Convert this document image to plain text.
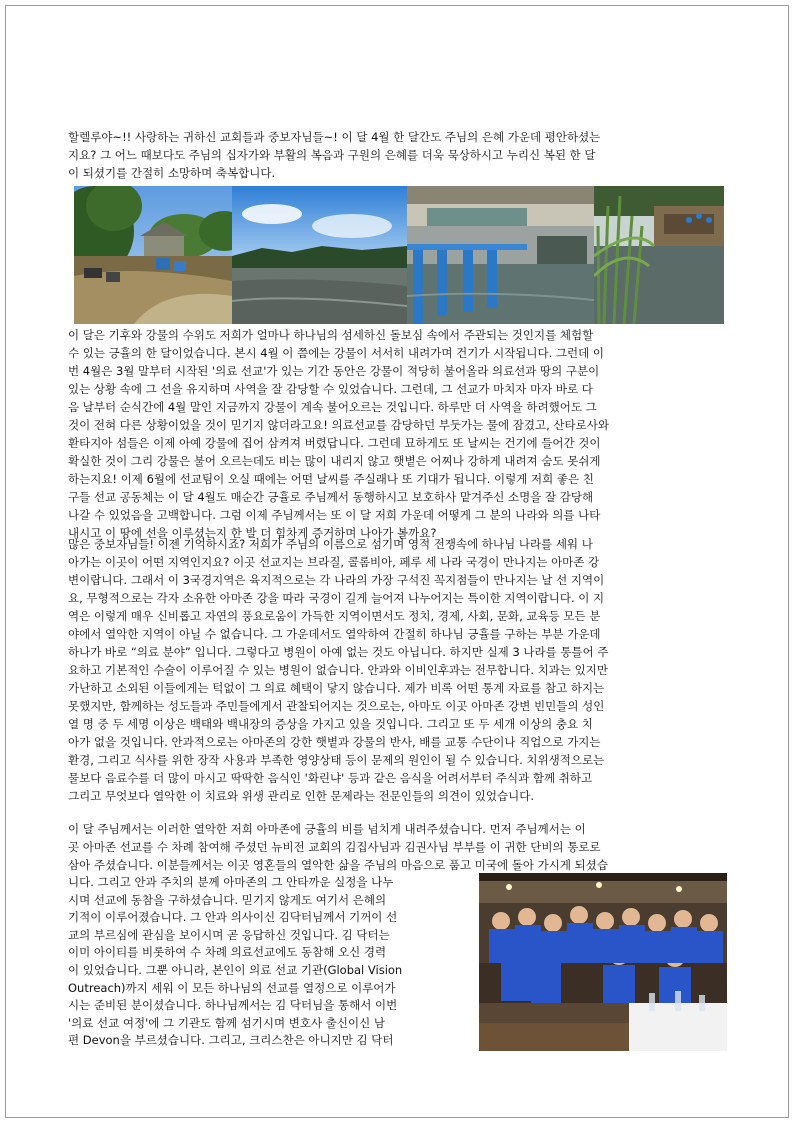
할렐루야~!! 사랑하는 귀하신 교회들과 중보자님들~! 이 달 4월 한 달간도 주님의 은혜 가운데 평안하셨는
지요? 그 어느 때보다도 주님의 십자가와 부활의 복음과 구원의 은혜를 더욱 묵상하시고 누리신 복된 한 달
이 되셨기를 간절히 소망하며 축복합니다.
이 달은 기후와 강물의 수위도 저희가 얼마나 하나님의 섬세하신 돌보심 속에서 주관되는 것인지를 체험할
수 있는 긍휼의 한 달이었습니다. 본시 4월 이 쯤에는 강물이 서서히 내려가며 건기가 시작됩니다. 그런데 이
번 4월은 3월 말부터 시작된 '의료 선교'가 있는 기간 동안은 강물이 적당히 불어올라 의료선과 땅의 구분이
있는 상황 속에 그 선을 유지하며 사역을 잘 감당할 수 있었습니다. 그런데, 그 선교가 마치자 마자 바로 다
음 날부터 순식간에 4월 말인 지금까지 강물이 계속 불어오르는 것입니다. 하루만 더 사역을 하려했어도 그
것이 전혀 다른 상황이었을 것이 믿기지 않더라고요! 의료선교를 감당하던 부둣가는 물에 잠겼고, 산타로사와
환타지아 섬들은 이제 아예 강물에 집어 삼켜져 버렸답니다. 그런데 묘하게도 또 날씨는 건기에 들어간 것이
확실한 것이 그리 강물은 불어 오르는데도 비는 많이 내리지 않고 햇볕은 어찌나 강하게 내려져 숨도 못쉬게
하는지요! 이제 6월에 선교팀이 오실 때에는 어떤 날씨를 주실래나 또 기대가 됩니다. 이렇게 저희 좋은 친
구들 선교 공동체는 이 달 4월도 매순간 긍휼로 주님께서 동행하시고 보호하사 맡겨주신 소명을 잘 감당해
나갈 수 있었음을 고백합니다. 그럼 이제 주님께서는 또 이 달 저희 가운데 어떻게 그 분의 나라와 의를 나타
내시고 이 땅에 선을 이루셨는지 한 발 더 힘차게 증거하며 나아가 볼까요?
많은 중보자님들! 이젠 기억하시죠? 저희가 주님의 이름으로 섬기며 영적 전쟁속에 하나님 나라를 세워 나
아가는 이곳이 어떤 지역인지요? 이곳 선교지는 브라질, 콜롬비아, 페루 세 나라 국경이 만나지는 아마존 강
변이랍니다. 그래서 이 3국경지역은 육지적으로는 각 나라의 가장 구석진 꼭지점들이 만나지는 날 선 지역이
요, 무형적으로는 각자 소유한 아마존 강을 따라 국경이 길게 늘어져 나누어지는 특이한 지역이랍니다. 이 지
역은 이렇게 매우 신비롭고 자연의 풍요로움이 가득한 지역이면서도 정치, 경제, 사회, 문화, 교육등 모든 분
야에서 열악한 지역이 아닐 수 없습니다. 그 가운데서도 열악하여 간절히 하나님 긍휼를 구하는 부분 가운데
하나가 바로 “의료 분야” 입니다. 그렇다고 병원이 아예 없는 것도 아닙니다. 하지만 실제 3 나라를 통틀어 주
요하고 기본적인 수술이 이루어질 수 있는 병원이 없습니다. 안과와 이비인후과는 전무합니다. 치과는 있지만
가난하고 소외된 이들에게는 턱없이 그 의료 혜택이 닿지 않습니다. 제가 비록 어떤 통계 자료를 참고 하지는
못했지만, 함께하는 성도들과 주민들에게서 관찰되어지는 것으로는, 아마도 이곳 아마존 강변 빈민들의 성인
열 명 중 두 세명 이상은 백태와 백내장의 증상을 가지고 있을 것입니다. 그리고 또 두 세개 이상의 충요 치
아가 없을 것입니다. 안과적으로는 아마존의 강한 햇볕과 강물의 반사, 배를 교통 수단이나 직업으로 가지는
환경, 그리고 식사를 위한 장작 사용과 부족한 영양상태 등이 문제의 원인이 될 수 있습니다. 치위생적으로는
물보다 음료수를 더 많이 마시고 딱딱한 음식인 '화린냐' 등과 같은 음식을 어려서부터 주식과 함께 취하고
그리고 무엇보다 열악한 이 치료와 위생 관리로 인한 문제라는 전문인들의 의견이 있었습니다.
이 달 주님께서는 이러한 열악한 저희 아마존에 긍휼의 비를 넘치게 내려주셨습니다. 먼저 주님께서는 이
곳 아마존 선교를 수 차례 참여해 주셨던 뉴비전 교회의 김집사님과 김권사님 부부를 이 귀한 단비의 통로로
삼아 주셨습니다. 이분들께서는 이곳 영혼들의 열악한 삶을 주님의 마음으로 품고 미국에 돌아 가시게 되셨습
니다. 그리고 안과 주치의 분께 아마존의 그 안타까운 실정을 나누
시며 선교에 동참을 구하셨습니다. 믿기지 않게도 여기서 은혜의
기적이 이루어졌습니다. 그 안과 의사이신 김닥터님께서 기꺼이 선
교의 부르심에 관심을 보이시며 곧 응답하신 것입니다. 김 닥터는
이미 아이티를 비롯하여 수 차례 의료선교에도 동참해 오신 경력
이 있었습니다. 그뿐 아니라, 본인이 의료 선교 기관(Global Vision
Outreach)까지 세워 이 모든 하나님의 선교를 열정으로 이루어가
시는 준비된 분이셨습니다. 하나님께서는 김 닥터님을 통해서 이번
'의료 선교 여정'에 그 기관도 함께 섬기시며 변호사 출신이신 남
편 Devon을 부르셨습니다. 그리고, 크리스찬은 아니지만 김 닥터
